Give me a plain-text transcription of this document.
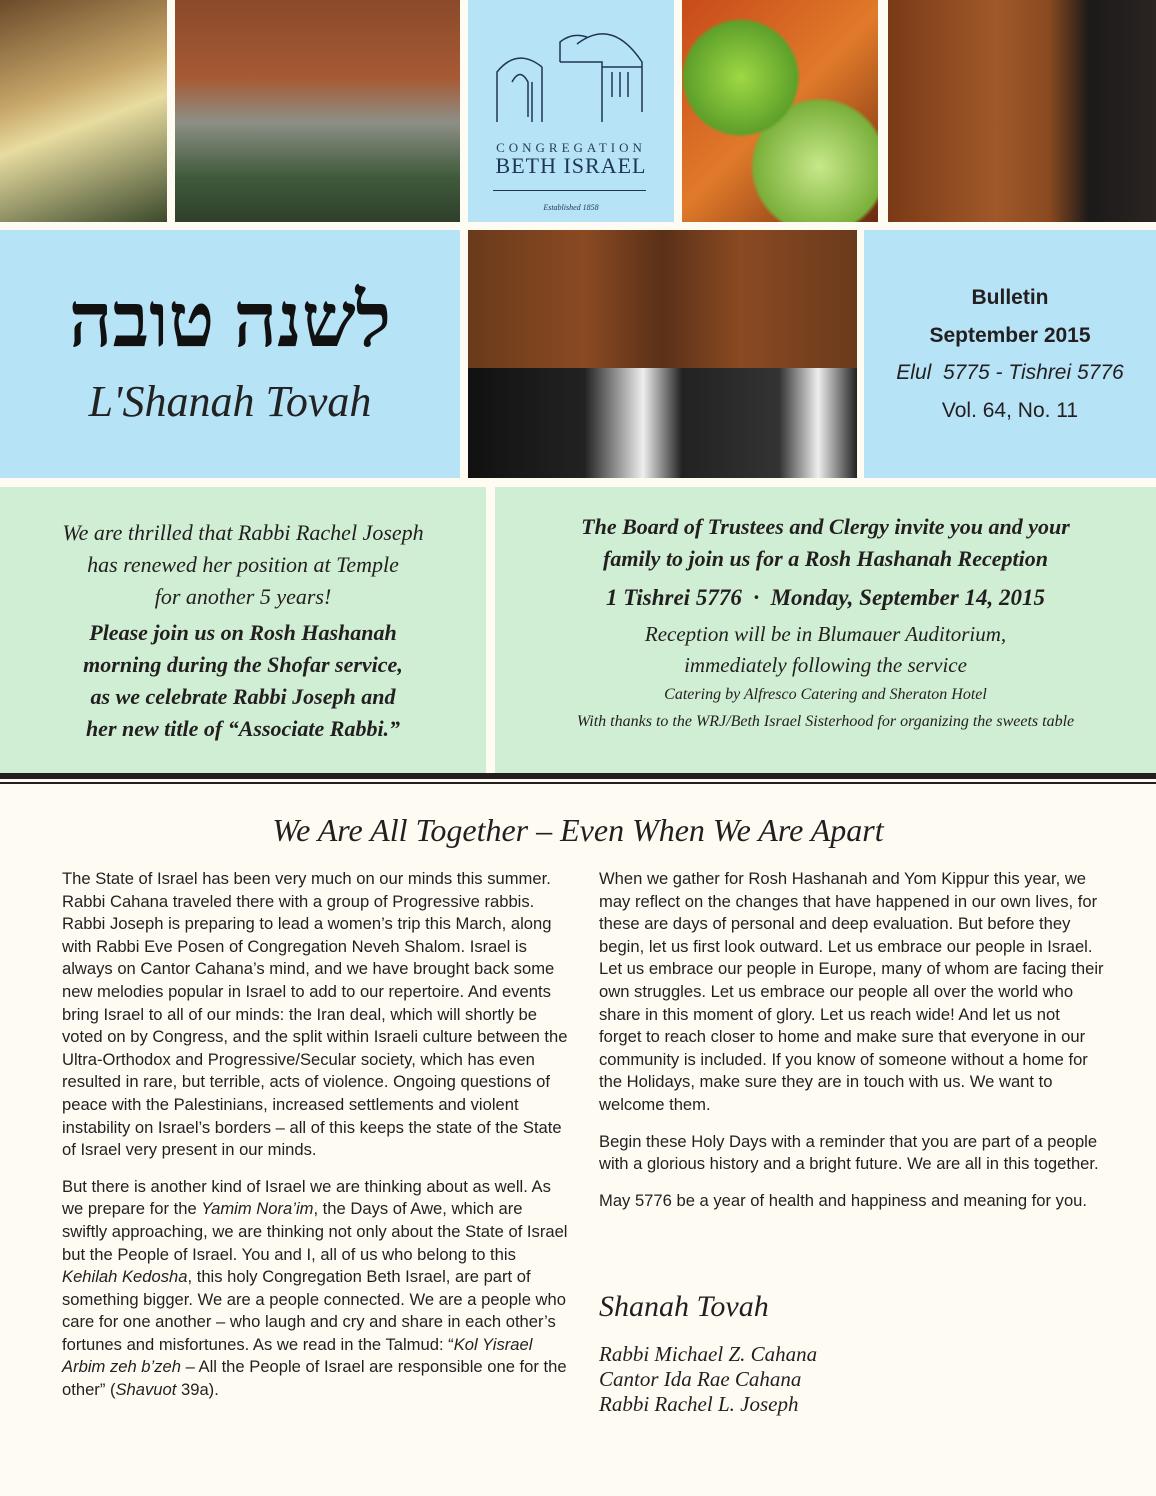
CONGREGATION
BETH ISRAEL
Established 1858
לשנה טובה
L'Shanah Tovah
Bulletin
September 2015
Elul  5775 - Tishrei 5776
Vol. 64, No. 11
We are thrilled that Rabbi Rachel Joseph
has renewed her position at Temple
for another 5 years!
Please join us on Rosh Hashanah
morning during the Shofar service,
as we celebrate Rabbi Joseph and
her new title of “Associate Rabbi.”
The Board of Trustees and Clergy invite you and your
family to join us for a Rosh Hashanah Reception
1 Tishrei 5776  ·  Monday, September 14, 2015
Reception will be in Blumauer Auditorium,
immediately following the service
Catering by Alfresco Catering and Sheraton Hotel
With thanks to the WRJ/Beth Israel Sisterhood for organizing the sweets table
We Are All Together – Even When We Are Apart

The State of Israel has been very much on our minds this summer. Rabbi Cahana traveled there with a group of Progressive rabbis. Rabbi Joseph is preparing to lead a women’s trip this March, along with Rabbi Eve Posen of Congregation Neveh Shalom. Israel is always on Cantor Cahana’s mind, and we have brought back some new melodies popular in Israel to add to our repertoire. And events bring Israel to all of our minds: the Iran deal, which will shortly be voted on by Congress, and the split within Israeli culture between the Ultra-Orthodox and Progressive/Secular society, which has even resulted in rare, but terrible, acts of violence. Ongoing questions of peace with the Palestinians, increased settlements and violent instability on Israel’s borders – all of this keeps the state of the State of Israel very present in our minds.

But there is another kind of Israel we are thinking about as well. As we prepare for the Yamim Nora’im, the Days of Awe, which are swiftly approaching, we are thinking not only about the State of Israel but the People of Israel. You and I, all of us who belong to this Kehilah Kedosha, this holy Congregation Beth Israel, are part of something bigger. We are a people connected. We are a people who care for one another – who laugh and cry and share in each other’s fortunes and misfortunes. As we read in the Talmud: “Kol Yisrael Arbim zeh b’zeh – All the People of Israel are responsible one for the other” (Shavuot 39a).

When we gather for Rosh Hashanah and Yom Kippur this year, we may reflect on the changes that have happened in our own lives, for these are days of personal and deep evaluation. But before they begin, let us first look outward. Let us embrace our people in Israel. Let us embrace our people in Europe, many of whom are facing their own struggles. Let us embrace our people all over the world who share in this moment of glory. Let us reach wide! And let us not forget to reach closer to home and make sure that everyone in our community is included. If you know of someone without a home for the Holidays, make sure they are in touch with us. We want to welcome them.

Begin these Holy Days with a reminder that you are part of a people with a glorious history and a bright future. We are all in this together.

May 5776 be a year of health and happiness and meaning for you.

Shanah Tovah
Rabbi Michael Z. Cahana
Cantor Ida Rae Cahana
Rabbi Rachel L. Joseph
